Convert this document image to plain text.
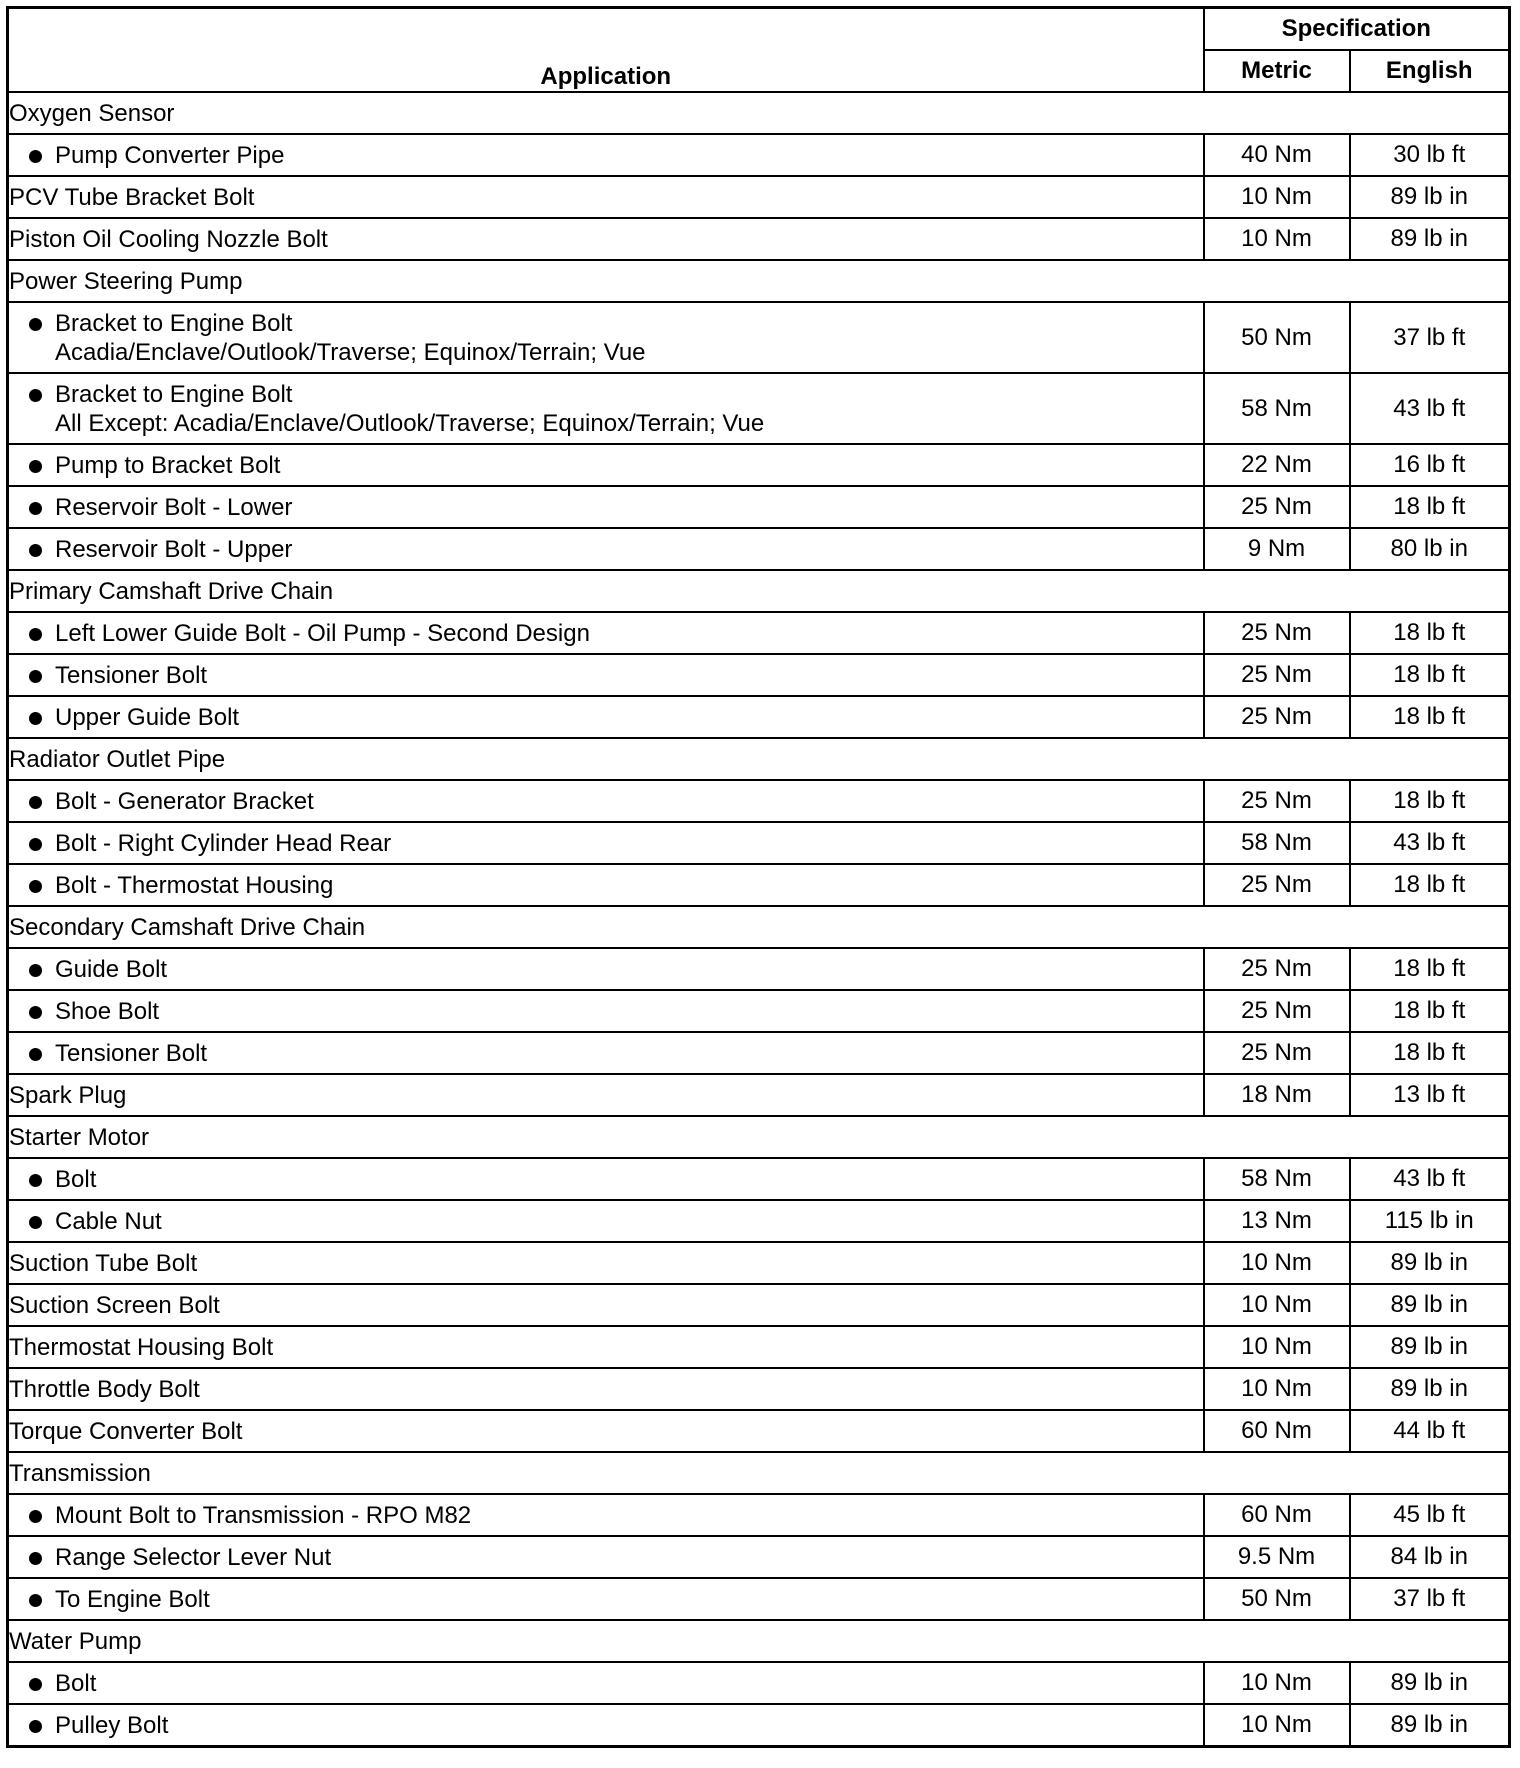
Application	Specification	
	Metric	English
Oxygen Sensor		

Pump Converter Pipe	40 Nm	30 lb ft
PCV Tube Bracket Bolt	10 Nm	89 lb in
Piston Oil Cooling Nozzle Bolt	10 Nm	89 lb in
Power Steering Pump		

Bracket to Engine Bolt
Acadia/Enclave/Outlook/Traverse; Equinox/Terrain; Vue	50 Nm	37 lb ft

Bracket to Engine Bolt
All Except: Acadia/Enclave/Outlook/Traverse; Equinox/Terrain; Vue	58 Nm	43 lb ft

Pump to Bracket Bolt	22 Nm	16 lb ft

Reservoir Bolt - Lower	25 Nm	18 lb ft

Reservoir Bolt - Upper	9 Nm	80 lb in
Primary Camshaft Drive Chain		

Left Lower Guide Bolt - Oil Pump - Second Design	25 Nm	18 lb ft

Tensioner Bolt	25 Nm	18 lb ft

Upper Guide Bolt	25 Nm	18 lb ft
Radiator Outlet Pipe		

Bolt - Generator Bracket	25 Nm	18 lb ft

Bolt - Right Cylinder Head Rear	58 Nm	43 lb ft

Bolt - Thermostat Housing	25 Nm	18 lb ft
Secondary Camshaft Drive Chain		

Guide Bolt	25 Nm	18 lb ft

Shoe Bolt	25 Nm	18 lb ft

Tensioner Bolt	25 Nm	18 lb ft
Spark Plug	18 Nm	13 lb ft
Starter Motor		

Bolt	58 Nm	43 lb ft

Cable Nut	13 Nm	115 lb in
Suction Tube Bolt	10 Nm	89 lb in
Suction Screen Bolt	10 Nm	89 lb in
Thermostat Housing Bolt	10 Nm	89 lb in
Throttle Body Bolt	10 Nm	89 lb in
Torque Converter Bolt	60 Nm	44 lb ft
Transmission		

Mount Bolt to Transmission - RPO M82	60 Nm	45 lb ft

Range Selector Lever Nut	9.5 Nm	84 lb in

To Engine Bolt	50 Nm	37 lb ft
Water Pump		

Bolt	10 Nm	89 lb in

Pulley Bolt	10 Nm	89 lb in
